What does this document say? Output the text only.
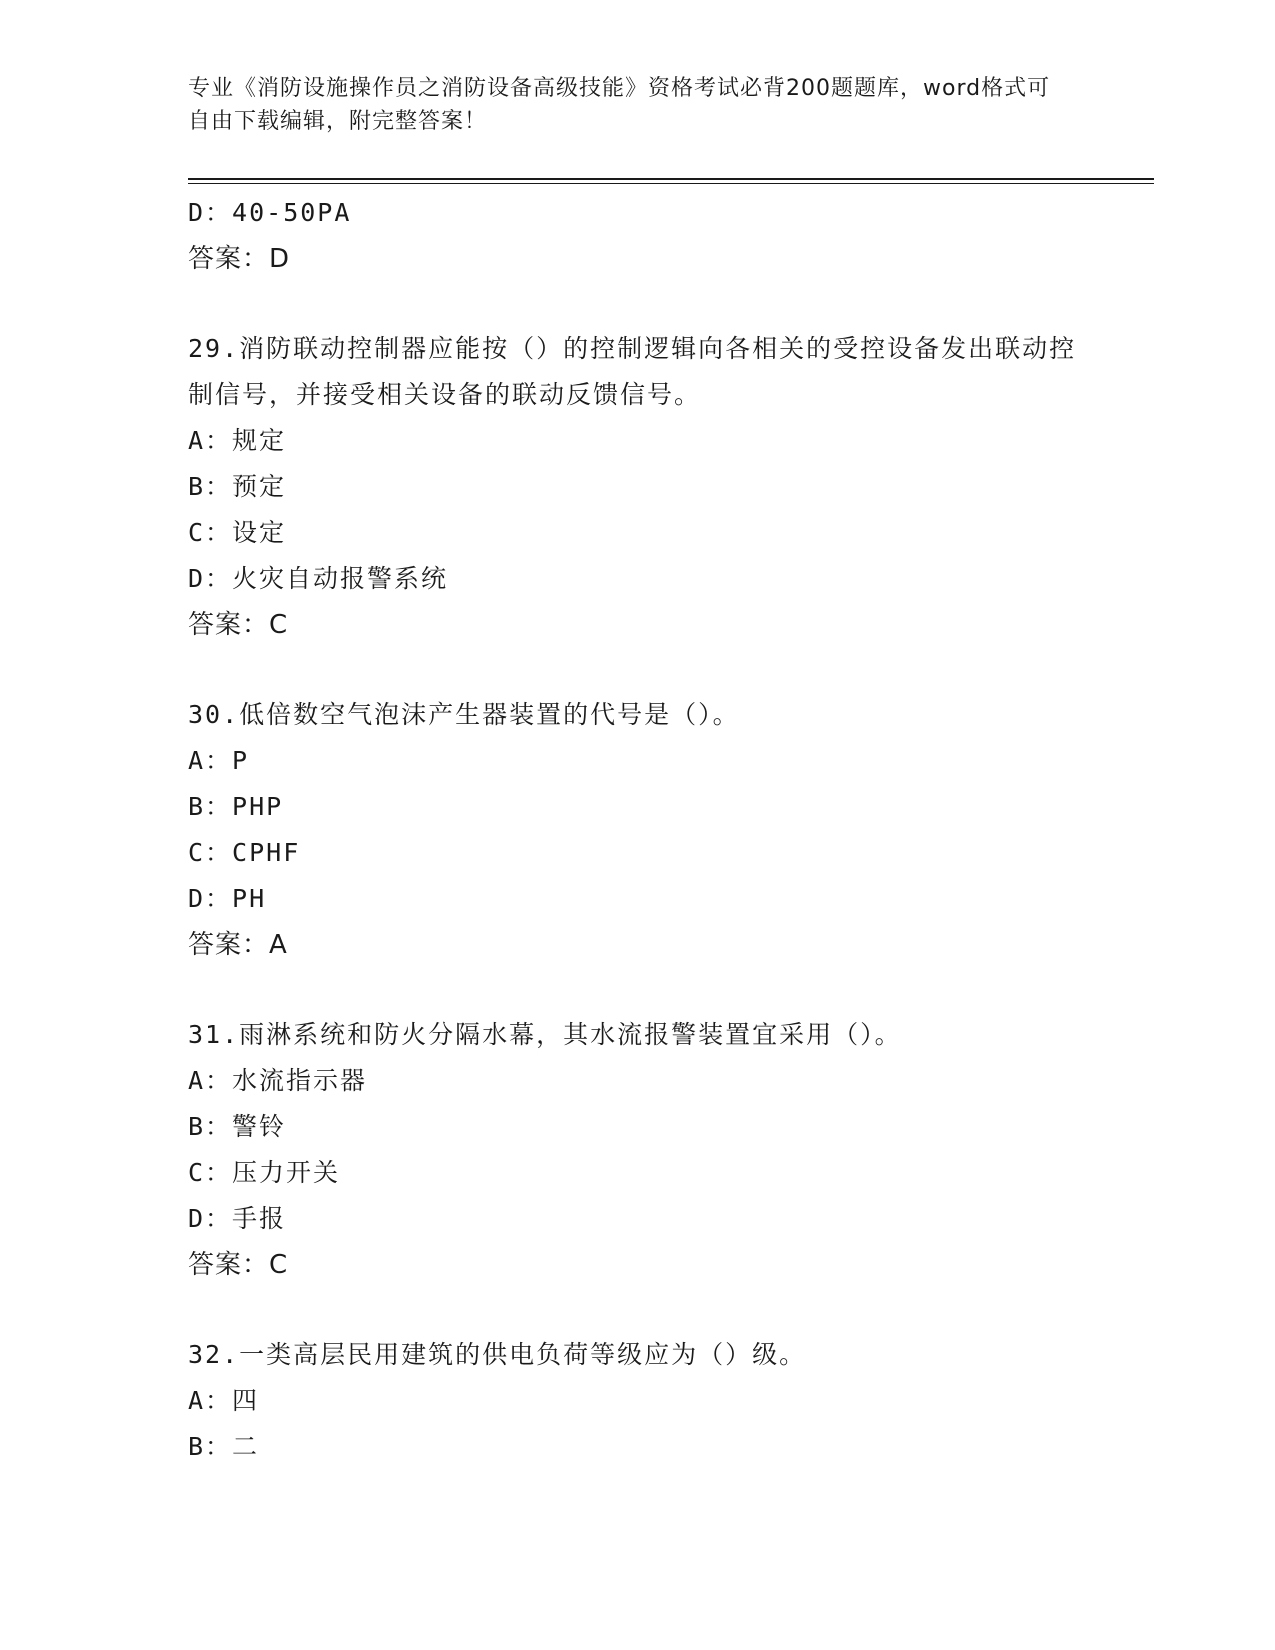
专业《消防设施操作员之消防设备高级技能》资格考试必背200题题库，word格式可自由下载编辑，附完整答案！

D：40-50PA

答案：D

29.消防联动控制器应能按（）的控制逻辑向各相关的受控设备发出联动控制信号，并接受相关设备的联动反馈信号。

A：规定

B：预定

C：设定

D：火灾自动报警系统

答案：C

30.低倍数空气泡沫产生器装置的代号是（）。

A：P

B：PHP

C：CPHF

D：PH

答案：A

31.雨淋系统和防火分隔水幕，其水流报警装置宜采用（）。

A：水流指示器

B：警铃

C：压力开关

D：手报

答案：C

32.一类高层民用建筑的供电负荷等级应为（）级。

A：四

B：二
